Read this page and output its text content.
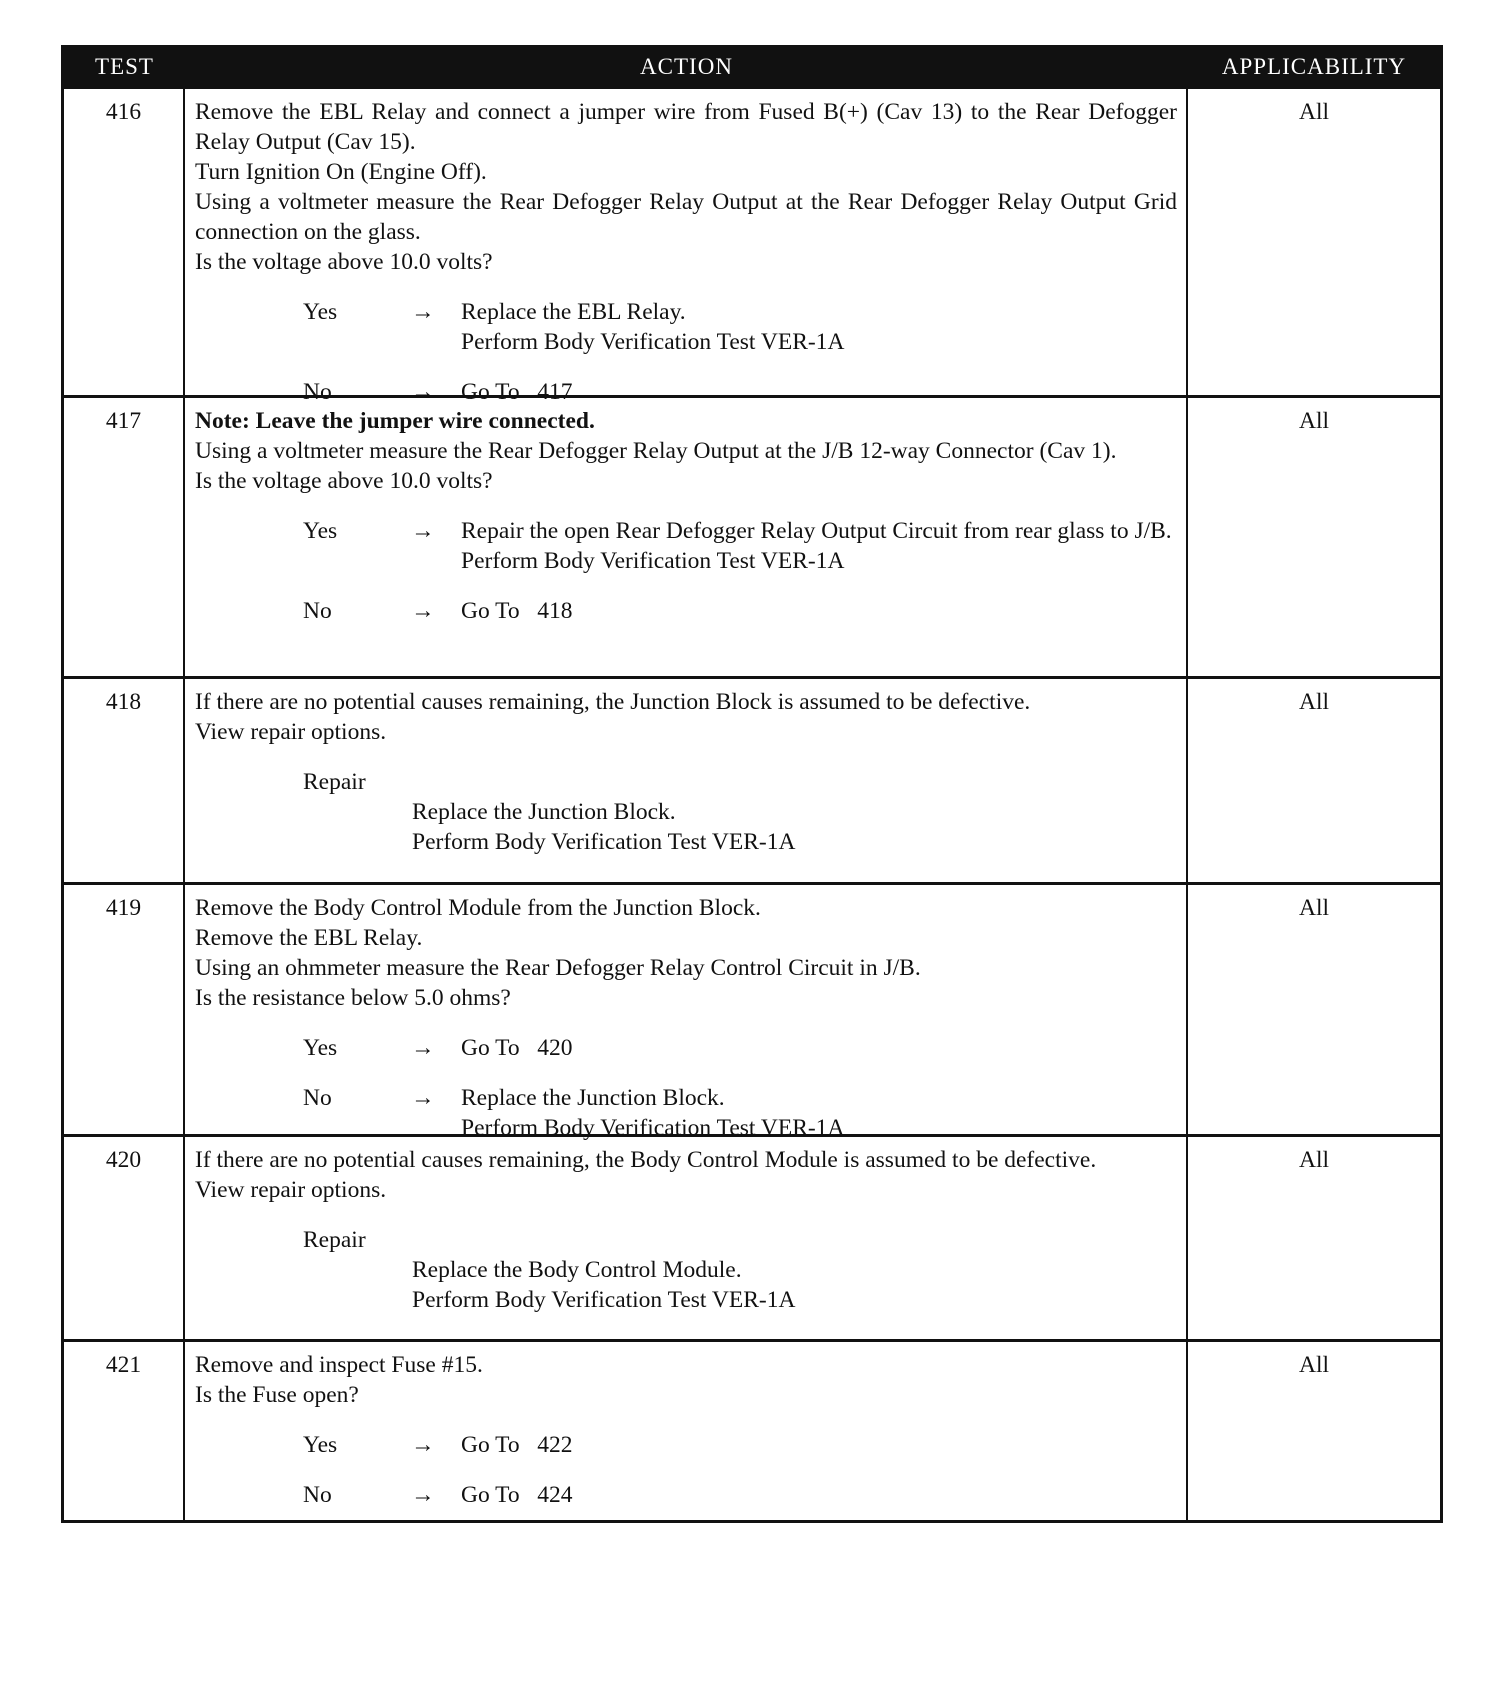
TEST	ACTION	APPLICABILITY
416	Remove the EBL Relay and connect a jumper wire from Fused B(+) (Cav 13) to the Rear Defogger Relay Output (Cav 15).
Turn Ignition On (Engine Off).
Using a voltmeter measure the Rear Defogger Relay Output at the Rear Defogger Relay Output Grid connection on the glass.
Is the voltage above 10.0 volts?
Yes	→	Replace the EBL Relay.
Perform Body Verification Test VER-1A
No	→	Go To   417
All
417	Note: Leave the jumper wire connected.
Using a voltmeter measure the Rear Defogger Relay Output at the J/B 12-way Connector (Cav 1).
Is the voltage above 10.0 volts?
Yes	→	Repair the open Rear Defogger Relay Output Circuit from rear glass to J/B.
Perform Body Verification Test VER-1A
No	→	Go To   418
All
418	If there are no potential causes remaining, the Junction Block is assumed to be defective.
View repair options.
Repair
Replace the Junction Block.
Perform Body Verification Test VER-1A
All
419	Remove the Body Control Module from the Junction Block.
Remove the EBL Relay.
Using an ohmmeter measure the Rear Defogger Relay Control Circuit in J/B.
Is the resistance below 5.0 ohms?
Yes	→	Go To   420
No	→	Replace the Junction Block.
Perform Body Verification Test VER-1A
All
420	If there are no potential causes remaining, the Body Control Module is assumed to be defective.
View repair options.
Repair
Replace the Body Control Module.
Perform Body Verification Test VER-1A
All
421	Remove and inspect Fuse #15.
Is the Fuse open?
Yes	→	Go To   422
No	→	Go To   424
All
